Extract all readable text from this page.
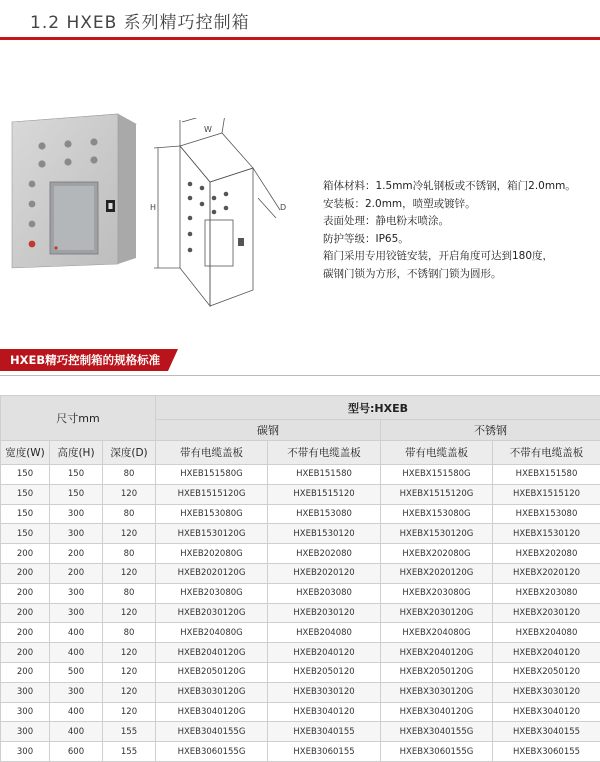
1.2 HXEB 系列精巧控制箱
W
H	D
箱体材料：1.5mm冷轧钢板或不锈钢，箱门2.0mm。
安装板：2.0mm，喷塑或镀锌。
表面处理：静电粉末喷涂。
防护等级：IP65。
箱门采用专用铰链安装，开启角度可达到180度，
碳钢门锁为方形，不锈钢门锁为圆形。
HXEB精巧控制箱的规格标准
尺寸mm			型号:HXEB			
			碳钢		不锈钢	
宽度(W)	高度(H)	深度(D)	带有电缆盖板	不带有电缆盖板	带有电缆盖板	不带有电缆盖板
150	150	80	HXEB151580G	HXEB151580	HXEBX151580G	HXEBX151580
150	150	120	HXEB1515120G	HXEB1515120	HXEBX1515120G	HXEBX1515120
150	300	80	HXEB153080G	HXEB153080	HXEBX153080G	HXEBX153080
150	300	120	HXEB1530120G	HXEB1530120	HXEBX1530120G	HXEBX1530120
200	200	80	HXEB202080G	HXEB202080	HXEBX202080G	HXEBX202080
200	200	120	HXEB2020120G	HXEB2020120	HXEBX2020120G	HXEBX2020120
200	300	80	HXEB203080G	HXEB203080	HXEBX203080G	HXEBX203080
200	300	120	HXEB2030120G	HXEB2030120	HXEBX2030120G	HXEBX2030120
200	400	80	HXEB204080G	HXEB204080	HXEBX204080G	HXEBX204080
200	400	120	HXEB2040120G	HXEB2040120	HXEBX2040120G	HXEBX2040120
200	500	120	HXEB2050120G	HXEB2050120	HXEBX2050120G	HXEBX2050120
300	300	120	HXEB3030120G	HXEB3030120	HXEBX3030120G	HXEBX3030120
300	400	120	HXEB3040120G	HXEB3040120	HXEBX3040120G	HXEBX3040120
300	400	155	HXEB3040155G	HXEB3040155	HXEBX3040155G	HXEBX3040155
300	600	155	HXEB3060155G	HXEB3060155	HXEBX3060155G	HXEBX3060155
